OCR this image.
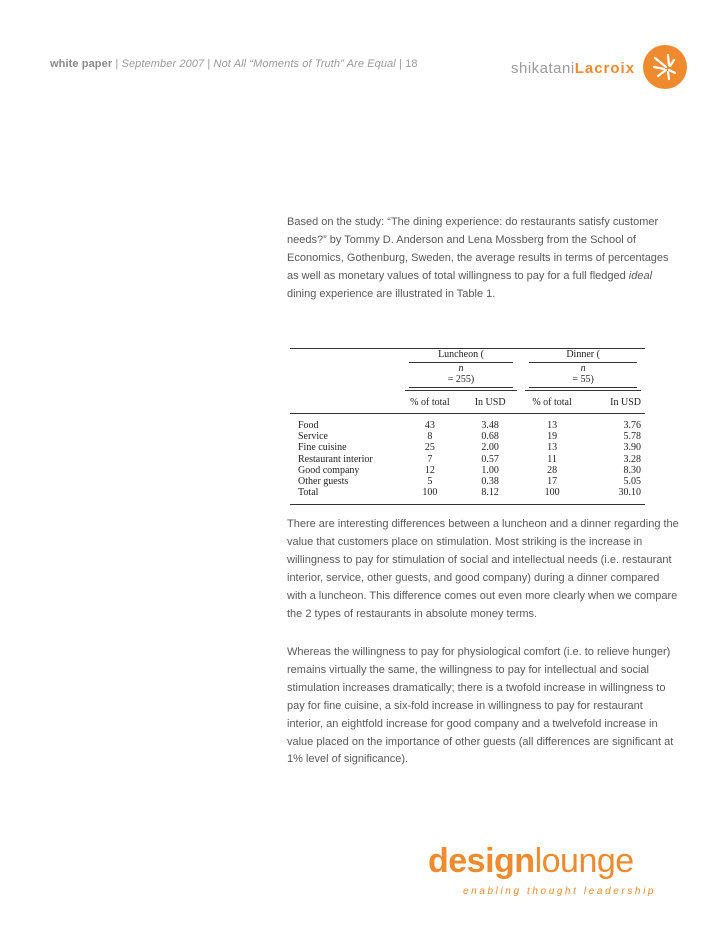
white paper | September 2007 | Not All “Moments of Truth” Are Equal | 18	shikataniLacroix

Based on the study: “The dining experience: do restaurants satisfy customer needs?” by Tommy D. Anderson and Lena Mossberg from the School of Economics, Gothenburg, Sweden, the average results in terms of percentages as well as monetary values of total willingness to pay for a full fledged ideal dining experience are illustrated in Table 1.

	Luncheon (
n
= 255)		Dinner (
n
= 55)	

	% of total	In USD	% of total	In USD

Food	43	3.48	13	3.76
Service	8	0.68	19	5.78
Fine cuisine	25	2.00	13	3.90
Restaurant interior	7	0.57	11	3.28
Good company	12	1.00	28	8.30
Other guests	5	0.38	17	5.05
Total	100	8.12	100	30.10

There are interesting differences between a luncheon and a dinner regarding the value that customers place on stimulation. Most striking is the increase in willingness to pay for stimulation of social and intellectual needs (i.e. restaurant interior, service, other guests, and good company) during a dinner compared with a luncheon. This difference comes out even more clearly when we compare the 2 types of restaurants in absolute money terms.

Whereas the willingness to pay for physiological comfort (i.e. to relieve hunger) remains virtually the same, the willingness to pay for intellectual and social stimulation increases dramatically; there is a twofold increase in willingness to pay for fine cuisine, a six-fold increase in willingness to pay for restaurant interior, an eightfold increase for good company and a twelvefold increase in value placed on the importance of other guests (all differences are significant at 1% level of significance).

designlounge
enabling thought leadership
